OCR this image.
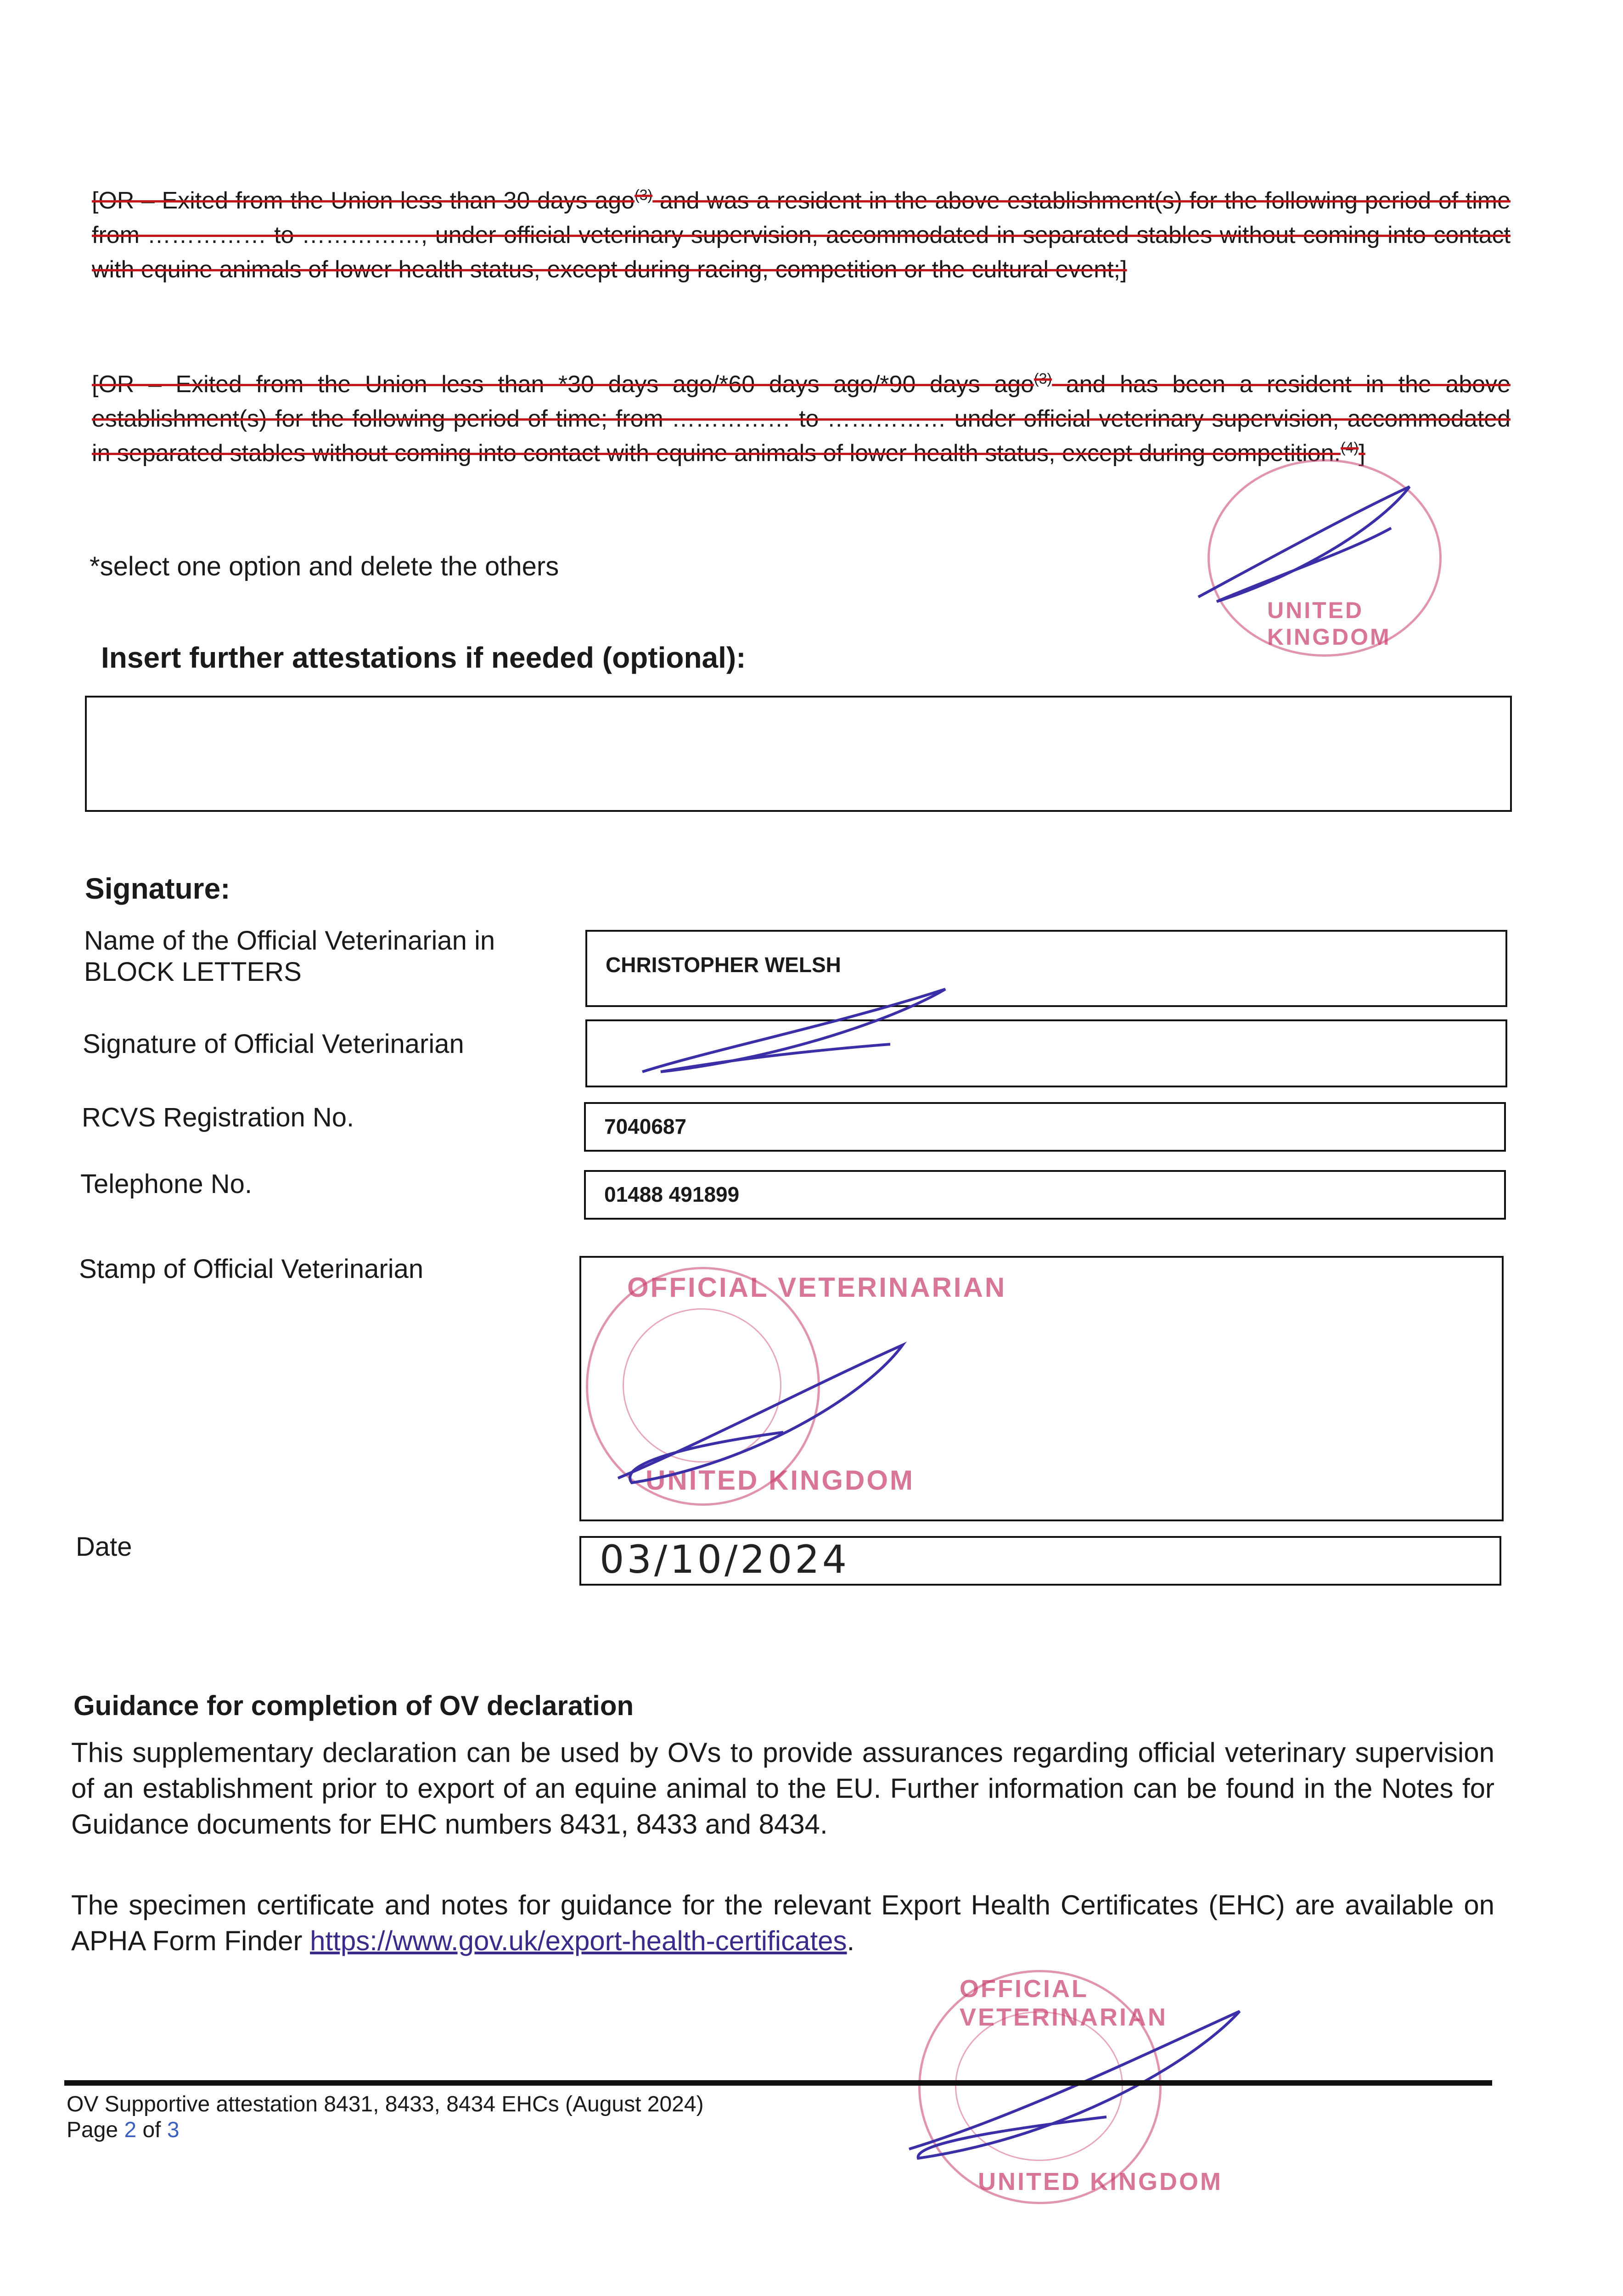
[OR – Exited from the Union less than 30 days ago$^{(3)}$ and was a resident in the above establishment(s) for the following period of time from …………… to ……………, under official veterinary supervision, accommodated in separated stables without coming into contact with equine animals of lower health status, except during racing, competition or the cultural event;]
[OR – Exited from the Union less than *30 days ago/*60 days ago/*90 days ago$^{(3)}$ and has been a resident in the above establishment(s) for the following period of time; from …………… to …………… under official veterinary supervision, accommodated in separated stables without coming into contact with equine animals of lower health status, except during competition.$^{(4)}$]
UNITED KINGDOM
*select one option and delete the others
Insert further attestations if needed (optional):
Signature:
Name of the Official Veterinarian in
BLOCK LETTERS	CHRISTOPHER WELSH
Signature of Official Veterinarian
RCVS Registration No.	7040687
Telephone No.	01488 491899
Stamp of Official Veterinarian
OFFICIAL VETERINARIAN
UNITED KINGDOM
Date	03/10/2024
Guidance for completion of OV declaration
This supplementary declaration can be used by OVs to provide assurances regarding official veterinary supervision of an establishment prior to export of an equine animal to the EU. Further information can be found in the Notes for Guidance documents for EHC numbers 8431, 8433 and 8434.
The specimen certificate and notes for guidance for the relevant Export Health Certificates (EHC) are available on APHA Form Finder https://www.gov.uk/export-health-certificates.
OFFICIAL VETERINARIAN
UNITED KINGDOM
OV Supportive attestation 8431, 8433, 8434 EHCs (August 2024)
Page 2 of 3
